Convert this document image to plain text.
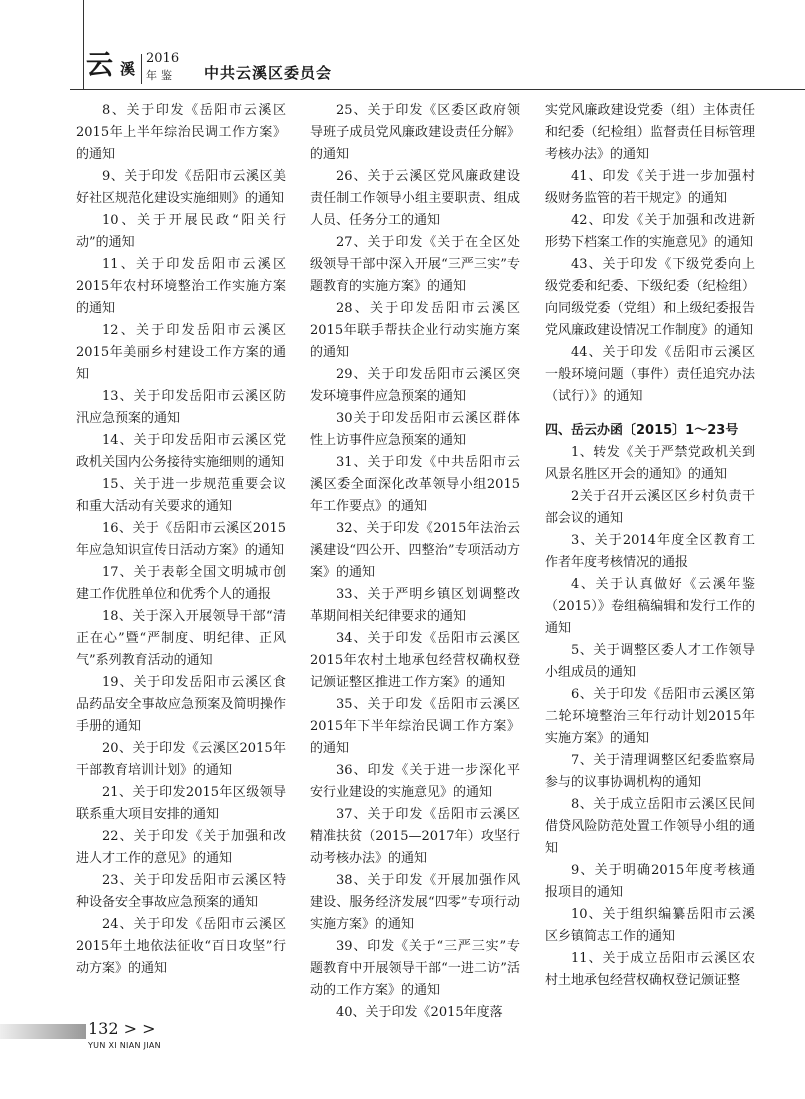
云 溪
2016
年鉴 中共云溪区委员会

8、关于印发《岳阳市云溪区2015年上半年综治民调工作方案》的通知

9、关于印发《岳阳市云溪区美好社区规范化建设实施细则》的通知

10、关于开展民政“阳关行动”的通知

11、关于印发岳阳市云溪区2015年农村环境整治工作实施方案的通知

12、关于印发岳阳市云溪区2015年美丽乡村建设工作方案的通知

13、关于印发岳阳市云溪区防汛应急预案的通知

14、关于印发岳阳市云溪区党政机关国内公务接待实施细则的通知

15、关于进一步规范重要会议和重大活动有关要求的通知

16、关于《岳阳市云溪区2015年应急知识宣传日活动方案》的通知

17、关于表彰全国文明城市创建工作优胜单位和优秀个人的通报

18、关于深入开展领导干部“清正在心”暨“严制度、明纪律、正风气”系列教育活动的通知

19、关于印发岳阳市云溪区食品药品安全事故应急预案及简明操作手册的通知

20、关于印发《云溪区2015年干部教育培训计划》的通知

21、关于印发2015年区级领导联系重大项目安排的通知

22、关于印发《关于加强和改进人才工作的意见》的通知

23、关于印发岳阳市云溪区特种设备安全事故应急预案的通知

24、关于印发《岳阳市云溪区2015年土地依法征收“百日攻坚”行动方案》的通知

25、关于印发《区委区政府领导班子成员党风廉政建设责任分解》的通知

26、关于云溪区党风廉政建设责任制工作领导小组主要职责、组成人员、任务分工的通知

27、关于印发《关于在全区处级领导干部中深入开展“三严三实”专题教育的实施方案》的通知

28、关于印发岳阳市云溪区2015年联手帮扶企业行动实施方案的通知

29、关于印发岳阳市云溪区突发环境事件应急预案的通知

30关于印发岳阳市云溪区群体性上访事件应急预案的通知

31、关于印发《中共岳阳市云溪区委全面深化改革领导小组2015年工作要点》的通知

32、关于印发《2015年法治云溪建设“四公开、四整治”专项活动方案》的通知

33、关于严明乡镇区划调整改革期间相关纪律要求的通知

34、关于印发《岳阳市云溪区2015年农村土地承包经营权确权登记颁证整区推进工作方案》的通知

35、关于印发《岳阳市云溪区2015年下半年综治民调工作方案》的通知

36、印发《关于进一步深化平安行业建设的实施意见》的通知

37、关于印发《岳阳市云溪区精准扶贫（2015—2017年）攻坚行动考核办法》的通知

38、关于印发《开展加强作风建设、服务经济发展“四零”专项行动实施方案》的通知

39、印发《关于“三严三实”专题教育中开展领导干部“一进二访”活动的工作方案》的通知

40、关于印发《2015年度落

实党风廉政建设党委（组）主体责任和纪委（纪检组）监督责任目标管理考核办法》的通知

41、印发《关于进一步加强村级财务监管的若干规定》的通知

42、印发《关于加强和改进新形势下档案工作的实施意见》的通知

43、关于印发《下级党委向上级党委和纪委、下级纪委（纪检组）向同级党委（党组）和上级纪委报告党风廉政建设情况工作制度》的通知

44、关于印发《岳阳市云溪区一般环境问题（事件）责任追究办法（试行）》的通知

四、岳云办函〔2015〕1～23号

1、转发《关于严禁党政机关到风景名胜区开会的通知》的通知

2关于召开云溪区区乡村负责干部会议的通知

3、关于2014年度全区教育工作者年度考核情况的通报

4、关于认真做好《云溪年鉴（2015）》卷组稿编辑和发行工作的通知

5、关于调整区委人才工作领导小组成员的通知

6、关于印发《岳阳市云溪区第二轮环境整治三年行动计划2015年实施方案》的通知

7、关于清理调整区纪委监察局参与的议事协调机构的通知

8、关于成立岳阳市云溪区民间借贷风险防范处置工作领导小组的通知

9、关于明确2015年度考核通报项目的通知

10、关于组织编纂岳阳市云溪区乡镇简志工作的通知

11、关于成立岳阳市云溪区农村土地承包经营权确权登记颁证整

132 > >
YUN XI NIAN JIAN
